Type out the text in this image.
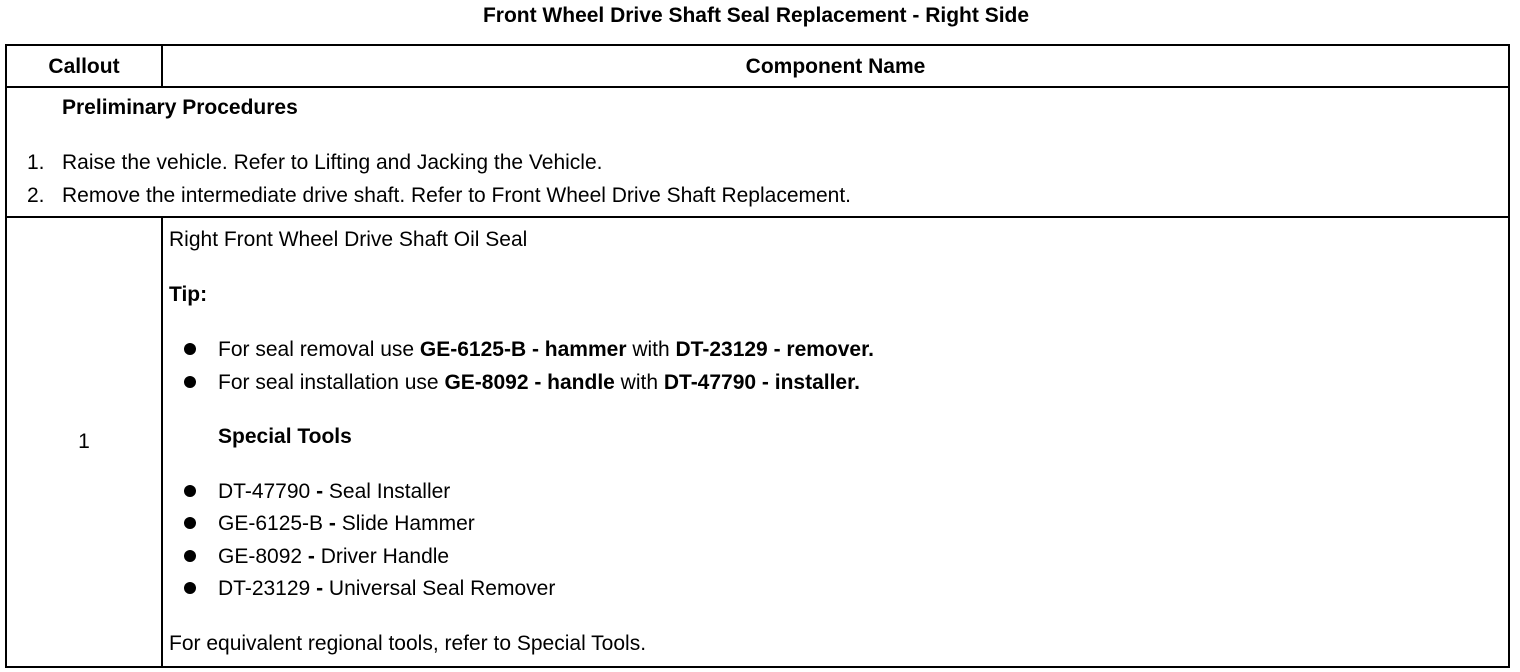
Front Wheel Drive Shaft Seal Replacement - Right Side
Callout	Component Name
Preliminary Procedures
1. Raise the vehicle. Refer to Lifting and Jacking the Vehicle.
2. Remove the intermediate drive shaft. Refer to Front Wheel Drive Shaft Replacement.
1
Right Front Wheel Drive Shaft Oil Seal
Tip:
For seal removal use GE-6125-B - hammer with DT-23129 - remover.
For seal installation use GE-8092 - handle with DT-47790 - installer.
Special Tools
DT-47790 - Seal Installer
GE-6125-B - Slide Hammer
GE-8092 - Driver Handle
DT-23129 - Universal Seal Remover
For equivalent regional tools, refer to Special Tools.
